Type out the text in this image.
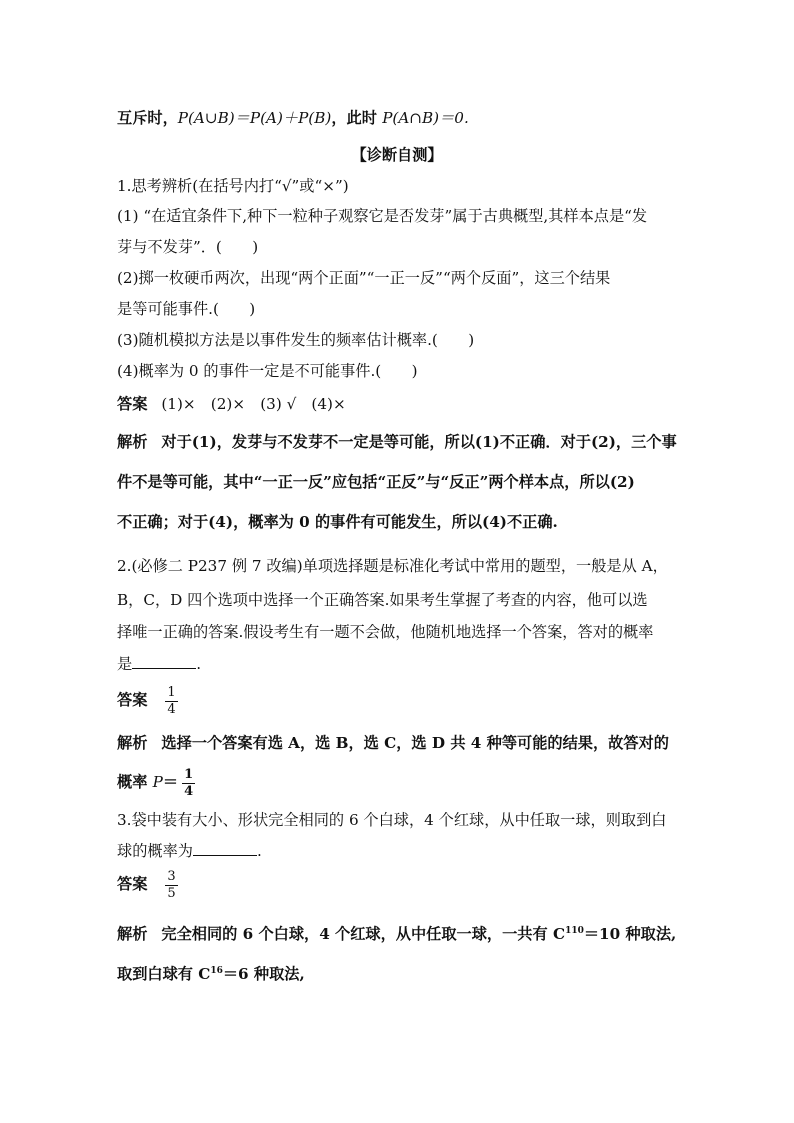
互斥时，P(A∪B)＝P(A)＋P(B)，此时 P(A∩B)＝0.
【诊断自测】
1.思考辨析(在括号内打“√”或“×”)
(1) “在适宜条件下,种下一粒种子观察它是否发芽”属于古典概型,其样本点是“发
芽与不发芽”．(　　)
(2)掷一枚硬币两次，出现“两个正面”“一正一反”“两个反面”，这三个结果
是等可能事件.(　　)
(3)随机模拟方法是以事件发生的频率估计概率.(　　)
(4)概率为 0 的事件一定是不可能事件.(　　)
答案 (1)×　(2)×　(3) √　(4)×
解析 对于(1)，发芽与不发芽不一定是等可能，所以(1)不正确．对于(2)，三个事
件不是等可能，其中“一正一反”应包括“正反”与“反正”两个样本点，所以(2)
不正确；对于(4)，概率为 0 的事件有可能发生，所以(4)不正确.
2.(必修二 P237 例 7 改编)单项选择题是标准化考试中常用的题型，一般是从 A，
B，C，D 四个选项中选择一个正确答案.如果考生掌握了考查的内容，他可以选
择唯一正确的答案.假设考生有一题不会做，他随机地选择一个答案，答对的概率
是	.
答案 $\frac{1}{4}$
解析 选择一个答案有选 A，选 B，选 C，选 D 共 4 种等可能的结果，故答对的
概率 $P= \frac{1}{4}$
3.袋中装有大小、形状完全相同的 6 个白球，4 个红球，从中任取一球，则取到白
球的概率为	.
答案 $\frac{3}{5}$
解析 完全相同的 6 个白球，4 个红球，从中任取一球，一共有 $C^{110}=10$ 种取法,
取到白球有 $C^{16}=6$ 种取法,
